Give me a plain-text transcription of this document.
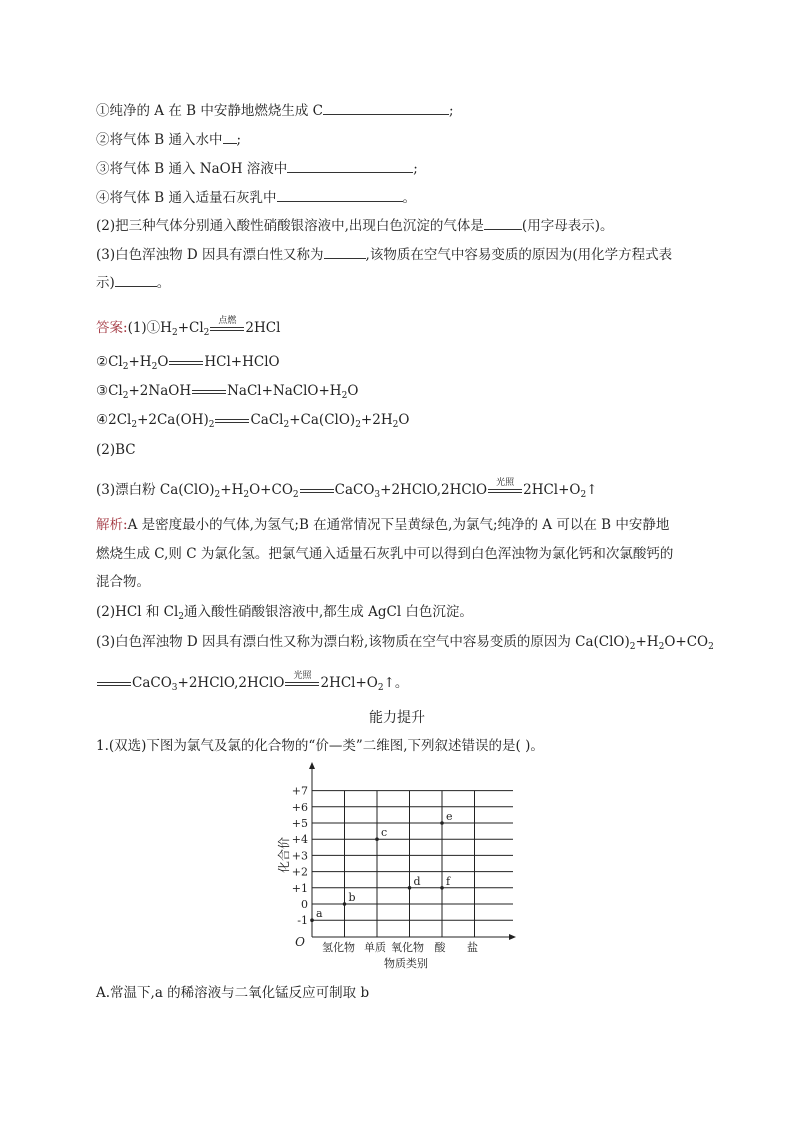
①纯净的 A 在 B 中安静地燃烧生成 C	;
②将气体 B 通入水中 ;
③将气体 B 通入 NaOH 溶液中	;
④将气体 B 通入适量石灰乳中	。
(2)把三种气体分别通入酸性硝酸银溶液中,出现白色沉淀的气体是	(用字母表示)。
(3)白色浑浊物 D 因具有漂白性又称为	,该物质在空气中容易变质的原因为(用化学方程式表
示)	。
答案$:(1)①H_2+Cl_2$
点燃 2HCl
$②Cl_2+H_2O$	HCl+HClO
$③Cl_2+2NaOH$	$NaCl+NaClO+H_2O$
$④2Cl_2+2Ca(OH)_2$	$CaCl_2+Ca(ClO)_2+2H_2O$
(2)BC
(3)漂白粉 $Ca(ClO)_2+H_2O+CO_2$	CaCO$_3$+2HClO,2HClO 光照 $2HCl+O_2↑$
解析:A 是密度最小的气体,为氢气;B 在通常情况下呈黄绿色,为氯气;纯净的 A 可以在 B 中安静地
燃烧生成 C,则 C 为氯化氢。把氯气通入适量石灰乳中可以得到白色浑浊物为氯化钙和次氯酸钙的
混合物。
(2)HCl 和 $Cl_2$通入酸性硝酸银溶液中,都生成 AgCl 白色沉淀。
(3)白色浑浊物 D 因具有漂白性又称为漂白粉,该物质在空气中容易变质的原因为 $Ca(ClO)_2+H_2O+CO_2$
CaCO$_3$+2HClO,2HClO 光照 $2HCl+O_2↑$。
能力提升
1.(双选)下图为氯气及氯的化合物的“价—类”二维图,下列叙述错误的是( )。
+7
+6
+5
+4
+3
+2
+1
0
-1
氢化物 单质 氧化物 酸 盐
a
b
c
d
e
f
化合价
物质类别
O
A.常温下,a 的稀溶液与二氧化锰反应可制取 b
